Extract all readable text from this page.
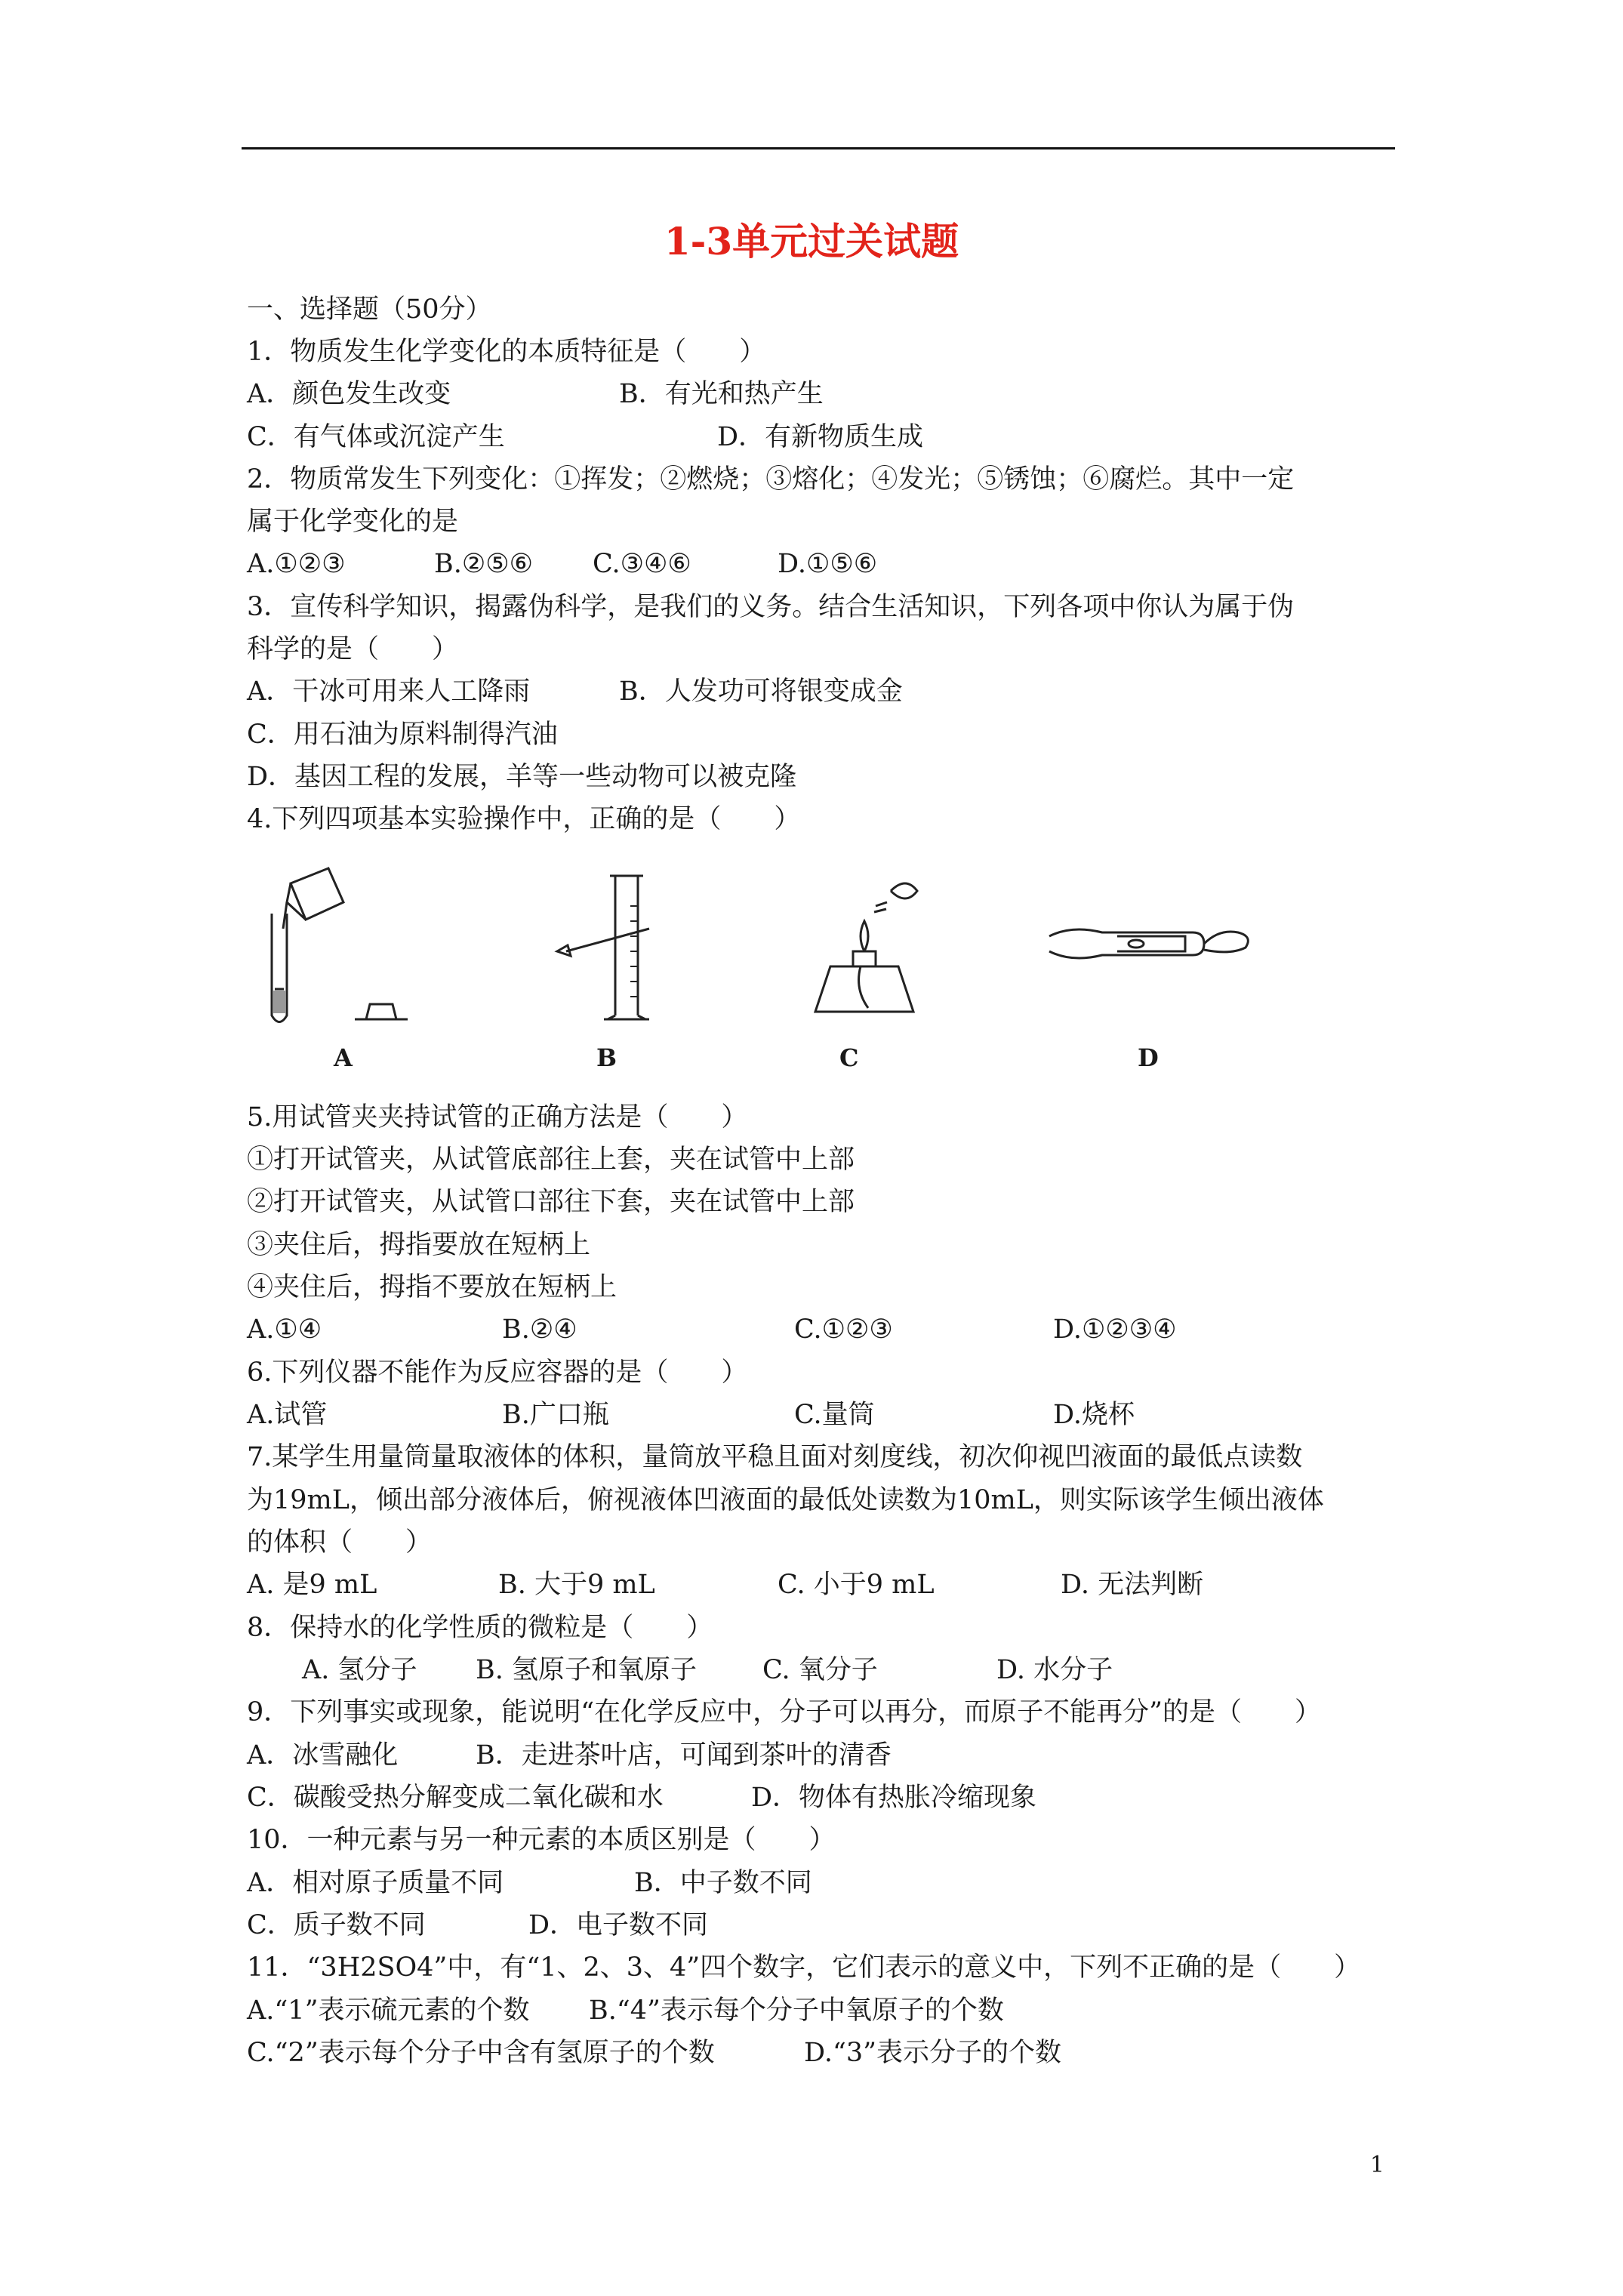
1-3单元过关试题
一、选择题（50分）
1．物质发生化学变化的本质特征是（　　）
A．颜色发生改变	B．有光和热产生
C．有气体或沉淀产生	D．有新物质生成
2．物质常发生下列变化：①挥发；②燃烧；③熔化；④发光；⑤锈蚀；⑥腐烂。其中一定
属于化学变化的是
A.①②③	B.②⑤⑥ C.③④⑥	D.①⑤⑥
3．宣传科学知识，揭露伪科学，是我们的义务。结合生活知识，下列各项中你认为属于伪
科学的是（　　）
A．干冰可用来人工降雨	B．人发功可将银变成金
C．用石油为原料制得汽油
D．基因工程的发展，羊等一些动物可以被克隆
4.下列四项基本实验操作中，正确的是（　　）
A	B	C	D
5.用试管夹夹持试管的正确方法是（　　）
①打开试管夹，从试管底部往上套，夹在试管中上部
②打开试管夹，从试管口部往下套，夹在试管中上部
③夹住后，拇指要放在短柄上
④夹住后，拇指不要放在短柄上
A.①④	B.②④	C.①②③	D.①②③④
6.下列仪器不能作为反应容器的是（　　）
A.试管	B.广口瓶	C.量筒	D.烧杯
7.某学生用量筒量取液体的体积，量筒放平稳且面对刻度线，初次仰视凹液面的最低点读数
为19mL，倾出部分液体后，俯视液体凹液面的最低处读数为10mL，则实际该学生倾出液体
的体积（　　）
A. 是9 mL	B. 大于9 mL	C. 小于9 mL	D. 无法判断
8．保持水的化学性质的微粒是（　　）
A. 氢分子 B. 氢原子和氧原子 C. 氧分子	D. 水分子
9．下列事实或现象，能说明“在化学反应中，分子可以再分，而原子不能再分”的是（　　）
A．冰雪融化	B．走进茶叶店，可闻到茶叶的清香
C．碳酸受热分解变成二氧化碳和水	D．物体有热胀冷缩现象
10．一种元素与另一种元素的本质区别是（　　）
A．相对原子质量不同	B．中子数不同
C．质子数不同	D．电子数不同
11．“3H2SO4”中，有“1、2、3、4”四个数字，它们表示的意义中，下列不正确的是（　　）
A.“1”表示硫元素的个数 B.“4”表示每个分子中氧原子的个数
C.“2”表示每个分子中含有氢原子的个数	D.“3”表示分子的个数
1
